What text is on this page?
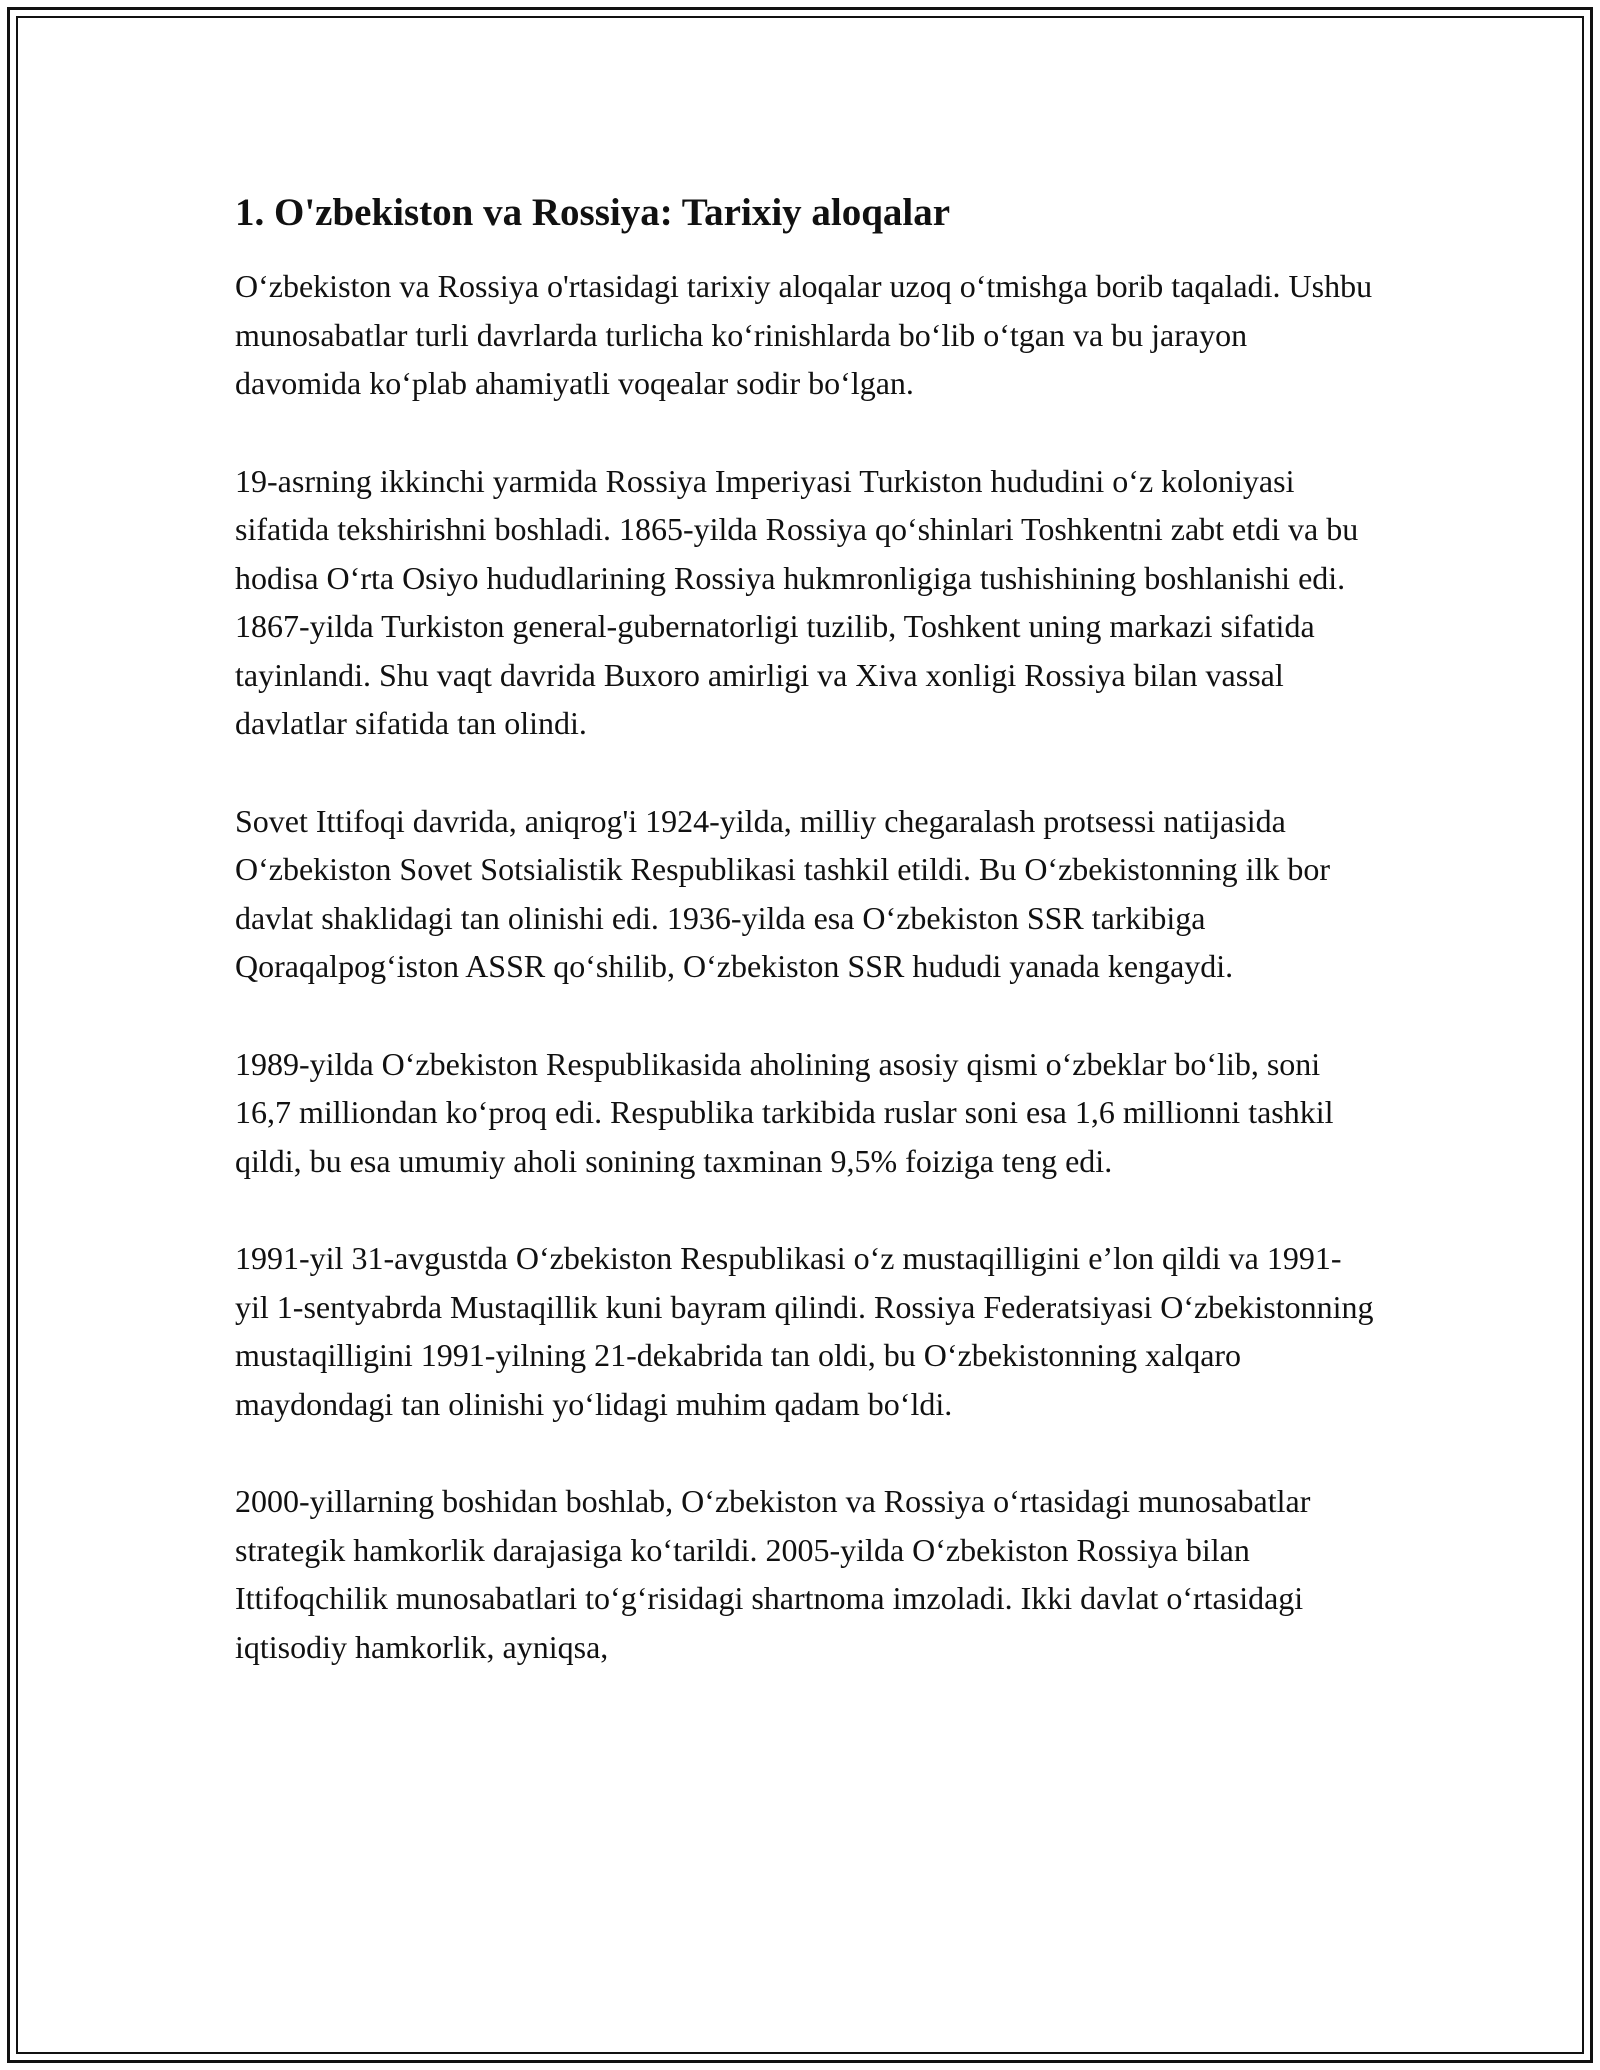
1. O'zbekiston va Rossiya: Tarixiy aloqalar

O‘zbekiston va Rossiya o'rtasidagi tarixiy aloqalar uzoq o‘tmishga borib taqaladi. Ushbu munosabatlar turli davrlarda turlicha ko‘rinishlarda bo‘lib o‘tgan va bu jarayon davomida ko‘plab ahamiyatli voqealar sodir bo‘lgan.

19-asrning ikkinchi yarmida Rossiya Imperiyasi Turkiston hududini o‘z koloniyasi sifatida tekshirishni boshladi. 1865-yilda Rossiya qo‘shinlari Toshkentni zabt etdi va bu hodisa O‘rta Osiyo hududlarining Rossiya hukmronligiga tushishining boshlanishi edi. 1867-yilda Turkiston general-gubernatorligi tuzilib, Toshkent uning markazi sifatida tayinlandi. Shu vaqt davrida Buxoro amirligi va Xiva xonligi Rossiya bilan vassal davlatlar sifatida tan olindi.

Sovet Ittifoqi davrida, aniqrog'i 1924-yilda, milliy chegaralash protsessi natijasida O‘zbekiston Sovet Sotsialistik Respublikasi tashkil etildi. Bu O‘zbekistonning ilk bor davlat shaklidagi tan olinishi edi. 1936-yilda esa O‘zbekiston SSR tarkibiga Qoraqalpog‘iston ASSR qo‘shilib, O‘zbekiston SSR hududi yanada kengaydi.

1989-yilda O‘zbekiston Respublikasida aholining asosiy qismi o‘zbeklar bo‘lib, soni 16,7 milliondan ko‘proq edi. Respublika tarkibida ruslar soni esa 1,6 millionni tashkil qildi, bu esa umumiy aholi sonining taxminan 9,5% foiziga teng edi.

1991-yil 31-avgustda O‘zbekiston Respublikasi o‘z mustaqilligini e’lon qildi va 1991-yil 1-sentyabrda Mustaqillik kuni bayram qilindi. Rossiya Federatsiyasi O‘zbekistonning mustaqilligini 1991-yilning 21-dekabrida tan oldi, bu O‘zbekistonning xalqaro maydondagi tan olinishi yo‘lidagi muhim qadam bo‘ldi.

2000-yillarning boshidan boshlab, O‘zbekiston va Rossiya o‘rtasidagi munosabatlar strategik hamkorlik darajasiga ko‘tarildi. 2005-yilda O‘zbekiston Rossiya bilan Ittifoqchilik munosabatlari to‘g‘risidagi shartnoma imzoladi. Ikki davlat o‘rtasidagi iqtisodiy hamkorlik, ayniqsa,
